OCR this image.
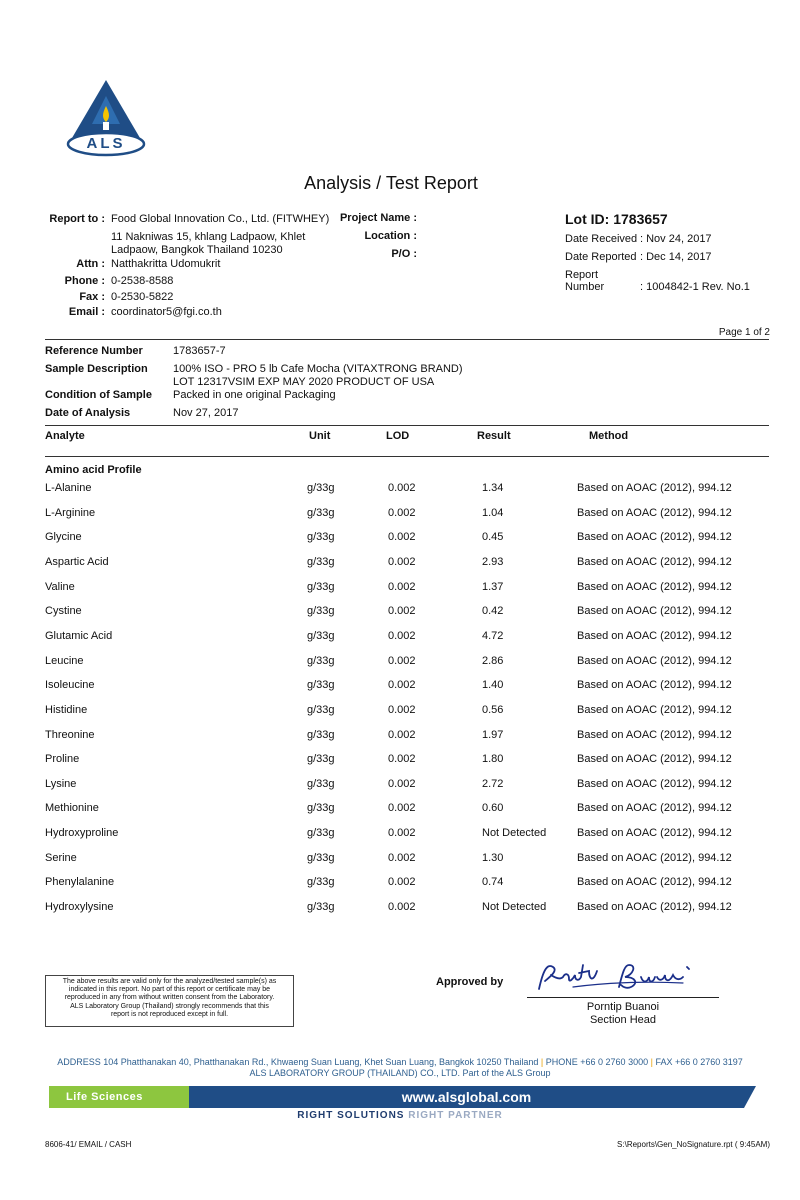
ALS
Analysis / Test Report
Report to : Food Global Innovation Co., Ltd. (FITWHEY)
11 Nakniwas 15, khlang Ladpaow, Khlet
Ladpaow, Bangkok Thailand 10230
Attn : Natthakritta Udomukrit
Phone : 0-2538-8588
Fax : 0-2530-5822
Email : coordinator5@fgi.co.th
Project Name :
Location :
P/O :
Lot ID: 1783657
Date Received : Nov 24, 2017
Date Reported : Dec 14, 2017
Report Number	: 1004842-1 Rev. No.1
Page 1 of 2
Reference Number	1783657-7
Sample Description 100% ISO - PRO 5 lb Cafe Mocha (VITAXTRONG BRAND)
LOT 12317VSIM EXP MAY 2020 PRODUCT OF USA
Condition of Sample Packed in one original Packaging
Date of Analysis	Nov 27, 2017
Analyte	Unit	LOD	Result	Method
Amino acid Profile
L-Alanine	g/33g	0.002	1.34	Based on AOAC (2012), 994.12
L-Arginine	g/33g	0.002	1.04	Based on AOAC (2012), 994.12
Glycine	g/33g	0.002	0.45	Based on AOAC (2012), 994.12
Aspartic Acid	g/33g	0.002	2.93	Based on AOAC (2012), 994.12
Valine	g/33g	0.002	1.37	Based on AOAC (2012), 994.12
Cystine	g/33g	0.002	0.42	Based on AOAC (2012), 994.12
Glutamic Acid	g/33g	0.002	4.72	Based on AOAC (2012), 994.12
Leucine	g/33g	0.002	2.86	Based on AOAC (2012), 994.12
Isoleucine	g/33g	0.002	1.40	Based on AOAC (2012), 994.12
Histidine	g/33g	0.002	0.56	Based on AOAC (2012), 994.12
Threonine	g/33g	0.002	1.97	Based on AOAC (2012), 994.12
Proline	g/33g	0.002	1.80	Based on AOAC (2012), 994.12
Lysine	g/33g	0.002	2.72	Based on AOAC (2012), 994.12
Methionine	g/33g	0.002	0.60	Based on AOAC (2012), 994.12
Hydroxyproline	g/33g	0.002	Not Detected	Based on AOAC (2012), 994.12
Serine	g/33g	0.002	1.30	Based on AOAC (2012), 994.12
Phenylalanine	g/33g	0.002	0.74	Based on AOAC (2012), 994.12
Hydroxylysine	g/33g	0.002	Not Detected	Based on AOAC (2012), 994.12
The above results are valid only for the analyzed/tested sample(s) as
indicated in this report. No part of this report or certificate may be
reproduced in any from without written consent from the Laboratory.
ALS Laboratory Group (Thailand) strongly recommends that this
report is not reproduced except in full.
Approved by
Porntip Buanoi
Section Head
ADDRESS 104 Phatthanakan 40, Phatthanakan Rd., Khwaeng Suan Luang, Khet Suan Luang, Bangkok 10250 Thailand | PHONE +66 0 2760 3000 | FAX +66 0 2760 3197
ALS LABORATORY GROUP (THAILAND) CO., LTD. Part of the ALS Group
Life Sciences	www.alsglobal.com
RIGHT SOLUTIONS RIGHT PARTNER
8606-41/ EMAIL / CASH	S:\Reports\Gen_NoSignature.rpt ( 9:45AM)
